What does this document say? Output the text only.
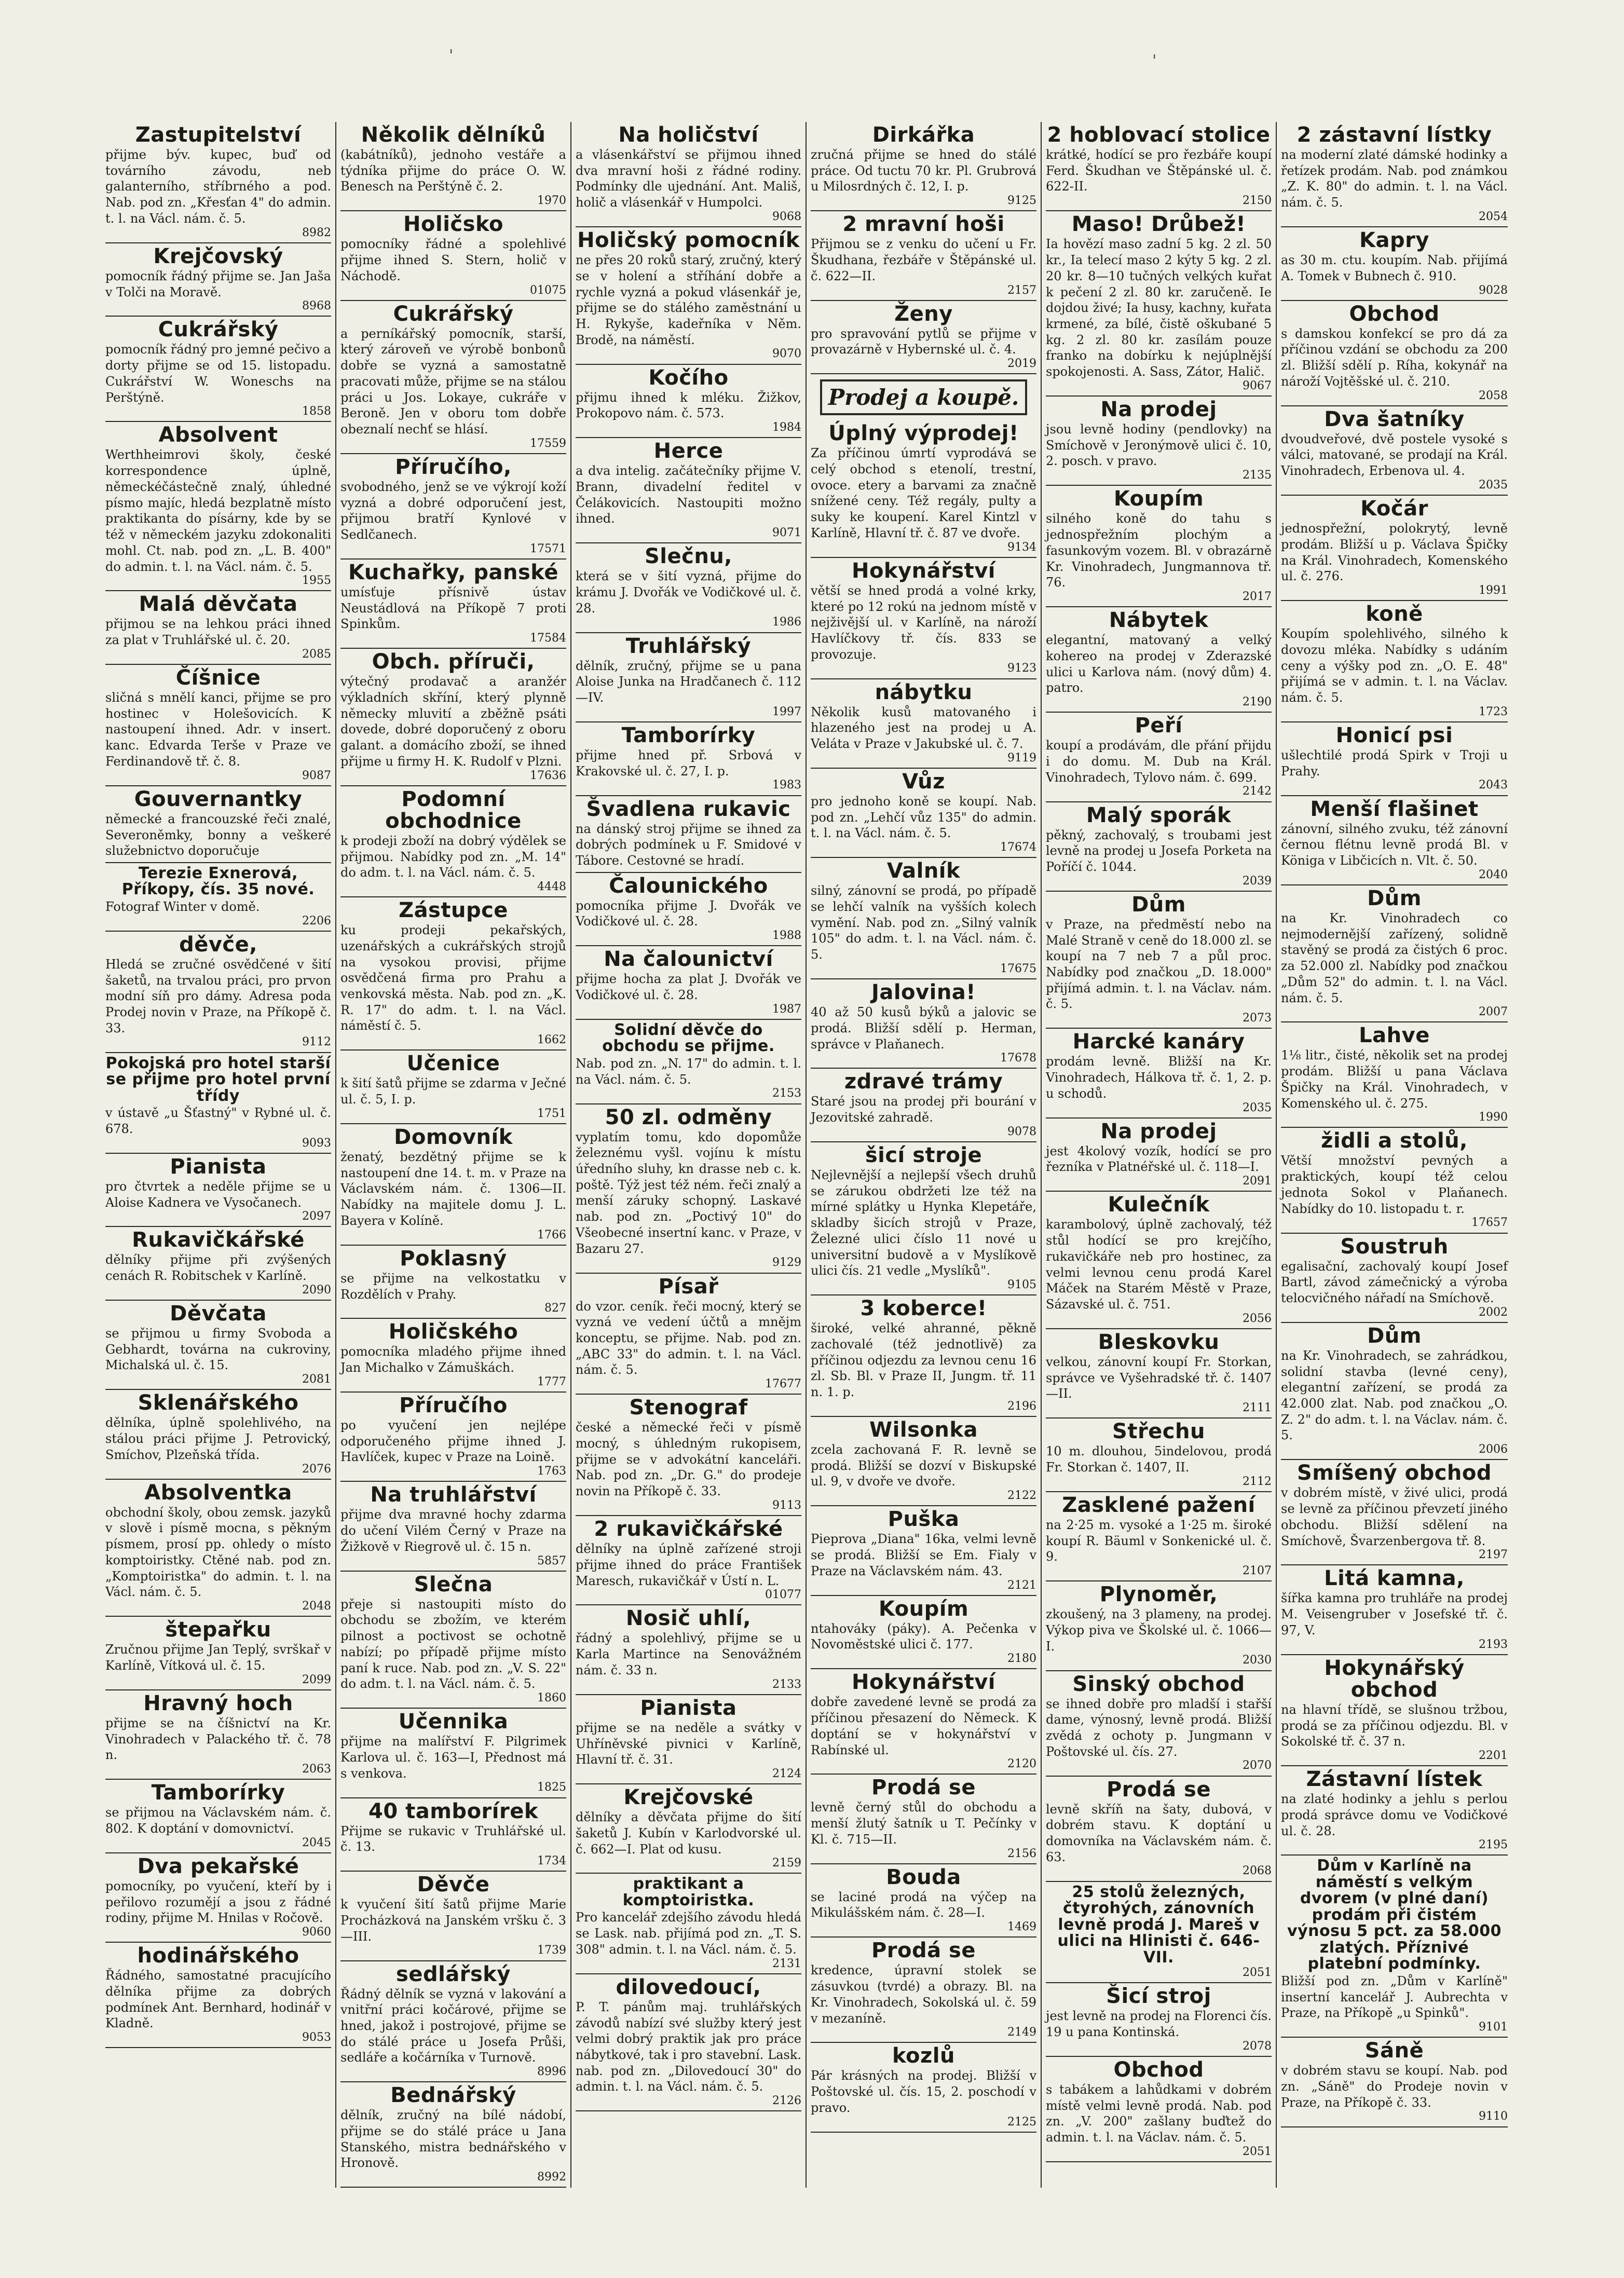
'	'
Zastupitelství

přijme býv. kupec, buď od továrního závodu, neb galanterního, stříbrného a pod. Nab. pod zn. „Křesťan 4" do admin. t. l. na Václ. nám. č. 5.

8982
Krejčovský

pomocník řádný přijme se. Jan Jaša v Tolči na Moravě.

8968
Cukrářský

pomocník řádný pro jemné pečivo a dorty přijme se od 15. listopadu. Cukrářství W. Woneschs na Perštýně.

1858
Absolvent

Werthheimrovi školy, české korrespondence úplně, německéčástečně znalý, úhledné písmo majíc, hledá bezplatně místo praktikanta do písárny, kde by se též v německém jazyku zdokonaliti mohl. Ct. nab. pod zn. „L. B. 400" do admin. t. l. na Václ. nám. č. 5.

1955
Malá děvčata

přijmou se na lehkou práci ihned za plat v Truhlářské ul. č. 20.

2085
Číšnice

sličná s mnělí kanci, přijme se pro hostinec v Holešovicích. K nastoupení ihned. Adr. v insert. kanc. Edvarda Terše v Praze ve Ferdinandově tř. č. 8.

9087
Gouvernantky

německé a francouzské řeči znalé, Severoněmky, bonny a veškeré služebnictvo doporučuje

Terezie Exnerová, Příkopy, čís. 35 nové.

Fotograf Winter v domě.

2206
děvče,

Hledá se zručné osvědčené v šití šaketů, na trvalou práci, pro prvon modní síň pro dámy. Adresa poda Prodej novin v Praze, na Příkopě č. 33.

9112
Pokojská pro hotel starší se přijme pro hotel první třídy

v ústavě „u Šťastný" v Rybné ul. č. 678.

9093
Pianista

pro čtvrtek a neděle přijme se u Aloise Kadnera ve Vysočanech.

2097
Rukavičkářské

dělníky přijme při zvýšených cenách R. Robitschek v Karlíně.

2090
Děvčata

se přijmou u firmy Svoboda a Gebhardt, továrna na cukroviny, Michalská ul. č. 15.

2081
Sklenářského

dělníka, úplně spolehlivého, na stálou práci přijme J. Petrovický, Smíchov, Plzeňská třída.

2076
Absolventka

obchodní školy, obou zemsk. jazyků v slově i písmě mocna, s pěkným písmem, prosí pp. ohledy o místo komptoiristky. Ctěné nab. pod zn. „Komptoiristka" do admin. t. l. na Václ. nám. č. 5.

2048
štepařku

Zručnou přijme Jan Teplý, svrškař v Karlíně, Vítková ul. č. 15.

2099
Hravný hoch

přijme se na číšnictví na Kr. Vinohradech v Palackého tř. č. 78 n.

2063
Tamborírky

se přijmou na Václavském nám. č. 802. K doptání v domovnictví.

2045
Dva pekařské

pomocníky, po vyučení, kteří by i peřilovo rozumějí a jsou z řádné rodiny, přijme M. Hnilas v Ročově.

9060
hodinářského

Řádného, samostatné pracujícího dělníka přijme za dobrých podmínek Ant. Bernhard, hodinář v Kladně.

9053
Několik dělníků

(kabátníků), jednoho vestáře a týdníka přijme do práce O. W. Benesch na Perštýně č. 2.

1970
Holičsko

pomocníky řádné a spolehlivé přijme ihned S. Stern, holič v Náchodě.

01075
Cukrářský

a perníkářský pomocník, starší, který zároveň ve výrobě bonbonů dobře se vyzná a samostatně pracovati může, přijme se na stálou práci u Jos. Lokaye, cukráře v Beroně. Jen v oboru tom dobře obeznalí nechť se hlásí.

17559
Příručího,

svobodného, jenž se ve výkrojí koží vyzná a dobré odporučení jest, přijmou bratří Kynlové v Sedlčanech.

17571
Kuchařky, panské

umísťuje přísnivě ústav Neustádlová na Příkopě 7 proti Spinkům.

17584
Obch. příruči,

výtečný prodavač a aranžér výkladních skříní, který plynně německy mluvití a zběžně psáti dovede, dobré doporučený z oboru galant. a domácího zboží, se ihned přijme u firmy H. K. Rudolf v Plzni.

17636
Podomní obchodnice

k prodeji zboží na dobrý výdělek se přijmou. Nabídky pod zn. „M. 14" do adm. t. l. na Václ. nám. č. 5.

4448
Zástupce

ku prodeji pekařských, uzenářských a cukrářských strojů na vysokou provisi, přijme osvědčená firma pro Prahu a venkovská města. Nab. pod zn. „K. R. 17" do adm. t. l. na Václ. náměstí č. 5.

1662
Učenice

k šití šatů přijme se zdarma v Ječné ul. č. 5, I. p.

1751
Domovník

ženatý, bezdětný přijme se k nastoupení dne 14. t. m. v Praze na Václavském nám. č. 1306—II. Nabídky na majitele domu J. L. Bayera v Kolíně.

1766
Poklasný

se přijme na velkostatku v Rozdělích v Prahy.

827
Holičského

pomocníka mladého přijme ihned Jan Michalko v Zámuškách.

1777
Příručího

po vyučení jen nejlépe odporučeného přijme ihned J. Havlíček, kupec v Praze na Loině.

1763
Na truhlářství

přijme dva mravné hochy zdarma do učení Vilém Černý v Praze na Žižkově v Riegrově ul. č. 15 n.

5857
Slečna

přeje si nastoupiti místo do obchodu se zbožím, ve kterém pilnost a poctivost se ochotně nabízí; po případě přijme místo paní k ruce. Nab. pod zn. „V. S. 22" do adm. t. l. na Václ. nám. č. 5.

1860
Učennika

přijme na malířství F. Pilgrimek Karlova ul. č. 163—I, Přednost má s venkova.

1825
40 tamborírek

Přijme se rukavic v Truhlářské ul. č. 13.

1734
Děvče

k vyučení šití šatů přijme Marie Procházková na Janském vršku č. 3—III.

1739
sedlářský

Řádný dělník se vyzná v lakování a vnitřní práci kočárové, přijme se hned, jakož i postrojové, přijme se do stálé práce u Josefa Průši, sedláře a kočárníka v Turnově.

8996
Bednářský

dělník, zručný na bílé nádobí, přijme se do stálé práce u Jana Stanského, mistra bednářského v Hronově.

8992
Na holičství

a vlásenkářství se přijmou ihned dva mravní hoši z řádné rodiny. Podmínky dle ujednání. Ant. Mališ, holič a vlásenkář v Humpolci.

9068
Holičský pomocník

ne přes 20 roků starý, zručný, který se v holení a stříhání dobře a rychle vyzná a pokud vlásenkář je, přijme se do stálého zaměstnání u H. Rykyše, kadeřníka v Něm. Brodě, na náměstí.

9070
Kočího

přijmu ihned k mléku. Žižkov, Prokopovo nám. č. 573.

1984
Herce

a dva intelig. začátečníky přijme V. Brann, divadelní ředitel v Čelákovicích. Nastoupiti možno ihned.

9071
Slečnu,

která se v šití vyzná, přijme do krámu J. Dvořák ve Vodičkové ul. č. 28.

1986
Truhlářský

dělník, zručný, přijme se u pana Aloise Junka na Hradčanech č. 112—IV.

1997
Tamborírky

přijme hned př. Srbová v Krakovské ul. č. 27, I. p.

1983
Švadlena rukavic

na dánský stroj přijme se ihned za dobrých podmínek u F. Smidové v Tábore. Cestovné se hradí.

Čalounického

pomocníka přijme J. Dvořák ve Vodičkové ul. č. 28.

1988
Na čalounictví

přijme hocha za plat J. Dvořák ve Vodičkové ul. č. 28.

1987
Solidní děvče do obchodu se přijme.

Nab. pod zn. „N. 17" do admin. t. l. na Václ. nám. č. 5.

2153
50 zl. odměny

vyplatím tomu, kdo dopomůže železnému vyšl. vojínu k místu úředního sluhy, kn drasse neb c. k. poště. Týž jest též ném. řeči znalý a menší záruky schopný. Laskavé nab. pod zn. „Poctivý 10" do Všeobecné insertní kanc. v Praze, v Bazaru 27.

9129
Písař

do vzor. ceník. řeči mocný, který se vyzná ve vedení účtů a mnějm konceptu, se přijme. Nab. pod zn. „ABC 33" do admin. t. l. na Václ. nám. č. 5.

17677
Stenograf

české a německé řeči v písmě mocný, s úhledným rukopisem, přijme se v advokátní kanceláři. Nab. pod zn. „Dr. G." do prodeje novin na Příkopě č. 33.

9113
2 rukavičkářské

dělníky na úplně zařízené stroji přijme ihned do práce František Maresch, rukavičkář v Ústí n. L.

01077
Nosič uhlí,

řádný a spolehlivý, přijme se u Karla Martince na Senovážném nám. č. 33 n.

2133
Pianista

přijme se na neděle a svátky v Uhříněvské pivnici v Karlíně, Hlavní tř. č. 31.

2124
Krejčovské

dělníky a děvčata přijme do šití šaketů J. Kubín v Karlodvorské ul. č. 662—I. Plat od kusu.

2159
praktikant a komptoiristka.

Pro kancelář zdejšího závodu hledá se Lask. nab. přijímá pod zn. „T. S. 308" admin. t. l. na Václ. nám. č. 5.

2131
dilovedoucí,

P. T. pánům maj. truhlářských závodů nabízí své služby který jest velmi dobrý praktik jak pro práce nábytkové, tak i pro stavební. Lask. nab. pod zn. „Dilovedoucí 30" do admin. t. l. na Václ. nám. č. 5.

2126
Dirkářka

zručná přijme se hned do stálé práce. Od tuctu 70 kr. Pl. Grubrová u Milosrdných č. 12, I. p.

9125
2 mravní hoši

Přijmou se z venku do učení u Fr. Škudhana, řezbáře v Štěpánské ul. č. 622—II.

2157
Ženy

pro spravování pytlů se přijme v provazárně v Hybernské ul. č. 4.

2019
Prodej a koupě.
Úplný výprodej!

Za příčinou úmrtí vyprodává se celý obchod s etenolí, trestní, ovoce. etery a barvami za značně snížené ceny. Též regály, pulty a suky ke koupení. Karel Kintzl v Karlíně, Hlavní tř. č. 87 ve dvoře.

9134
Hokynářství

větší se hned prodá a volné krky, které po 12 rokú na jednom místě v nejživější ul. v Karlíně, na nároží Havlíčkovy tř. čís. 833 se provozuje.

9123
nábytku

Několik kusů matovaného i hlazeného jest na prodej u A. Veláta v Praze v Jakubské ul. č. 7.

9119
Vůz

pro jednoho koně se koupí. Nab. pod zn. „Lehčí vůz 135" do admin. t. l. na Václ. nám. č. 5.

17674
Valník

silný, zánovní se prodá, po případě se lehčí valník na vyšších kolech vymění. Nab. pod zn. „Silný valník 105" do adm. t. l. na Václ. nám. č. 5.

17675
Jalovina!

40 až 50 kusů býků a jalovic se prodá. Bližší sdělí p. Herman, správce v Plaňanech.

17678
zdravé trámy

Staré jsou na prodej při bourání v Jezovitské zahradě.

9078
šicí stroje

Nejlevnější a nejlepší všech druhů se zárukou obdržeti lze též na mírné splátky u Hynka Klepetáře, skladby šicích strojů v Praze, Železné ulici číslo 11 nové u universitní budově a v Myslíkově ulici čís. 21 vedle „Myslíků".

9105
3 koberce!

široké, velké ahranné, pěkně zachovalé (též jednotlivě) za příčinou odjezdu za levnou cenu 16 zl. Sb. Bl. v Praze II, Jungm. tř. 11 n. 1. p.

2196
Wilsonka

zcela zachovaná F. R. levně se prodá. Bližší se dozví v Biskupské ul. 9, v dvoře ve dvoře.

2122
Puška

Pieprova „Diana" 16ka, velmi levně se prodá. Bližší se Em. Fialy v Praze na Václavském nám. 43.

2121
Koupím

ntahovákу (páky). A. Pečenka v Novoměstské ulici č. 177.

2180
Hokynářství

dobře zavedené levně se prodá za příčinou přesazení do Německ. K doptání se v hokynářství v Rabínské ul.

2120
Prodá se

levně černý stůl do obchodu a menší žlutý šatník u T. Pečínky v Kl. č. 715—II.

2156
Bouda

se laciné prodá na výčep na Mikulášském nám. č. 28—I.

1469
Prodá se

kredence, úpravní stolek se zásuvkou (tvrdé) a obrazy. Bl. na Kr. Vinohradech, Sokolská ul. č. 59 v mezaníně.

2149
kozlů

Pár krásných na prodej. Bližší v Poštovské ul. čís. 15, 2. poschodí v pravo.

2125
2 hoblovací stolice

krátké, hodící se pro řezbáře koupí Ferd. Škudhan ve Štěpánské ul. č. 622-II.

2150
Maso! Drůbež!

Ia hovězí maso zadní 5 kg. 2 zl. 50 kr., Ia telecí maso 2 kýty 5 kg. 2 zl. 20 kr. 8—10 tučných velkých kuřat k pečení 2 zl. 80 kr. zaručeně. Ie dojdou živé; Ia husy, kachny, kuřata krmené, za bílé, čistě oškubané 5 kg. 2 zl. 80 kr. zasílám pouze franko na dobírku k nejúplnější spokojenosti. A. Sass, Zátor, Halič.

9067
Na prodej

jsou levně hodiny (pendlovky) na Smíchově v Jeronýmově ulici č. 10, 2. posch. v pravo.

2135
Koupím

silného koně do tahu s jednospřežním plochým a fasunkovým vozem. Bl. v obrazárně Kr. Vinohradech, Jungmannova tř. 76.

2017
Nábytek

elegantní, matovaný a velký kohereo na prodej v Zderazské ulici u Karlova nám. (nový dům) 4. patro.

2190
Peří

koupí a prodávám, dle přání přijdu i do domu. M. Dub na Král. Vinohradech, Tylovo nám. č. 699.

2142
Malý sporák

pěkný, zachovalý, s troubami jest levně na prodej u Josefa Porketa na Poříčí č. 1044.

2039
Dům

v Praze, na předměstí nebo na Malé Straně v ceně do 18.000 zl. se koupí na 7 neb 7 a půl proc. Nabídky pod značkou „D. 18.000" přijímá admin. t. l. na Václav. nám. č. 5.

2073
Harcké kanáry

prodám levně. Bližší na Kr. Vinohradech, Hálkova tř. č. 1, 2. p. u schodů.

2035
Na prodej

jest 4kolový vozík, hodící se pro řezníka v Platnéřské ul. č. 118—I.

2091
Kulečník

karambolový, úplně zachovalý, též stůl hodící se pro krejčího, rukavičkáře neb pro hostinec, za velmi levnou cenu prodá Karel Máček na Starém Městě v Praze, Sázavské ul. č. 751.

2056
Bleskovku

velkou, zánovní koupí Fr. Storkan, správce ve Vyšehradské tř. č. 1407—II.

2111
Střechu

10 m. dlouhou, 5indelovou, prodá Fr. Storkan č. 1407, II.

2112
Zasklené pažení

na 2·25 m. vysoké a 1·25 m. široké koupí R. Bäuml v Sonkenické ul. č. 9.

2107
Plynoměr,

zkoušený, na 3 plameny, na prodej. Výkop piva ve Školské ul. č. 1066—I.

2030
Sinský obchod

se ihned dobře pro mladší i stařší dame, výnosný, levně prodá. Bližší zvědá z ochoty p. Jungmann v Poštovské ul. čís. 27.

2070
Prodá se

levně skříň na šaty, dubová, v dobrém stavu. K doptání u domovníka na Václavském nám. č. 63.

2068
25 stolů železných, čtyrohých, zánovních levně prodá J. Mareš v ulici na Hlinisti č. 646-VII.
2051
Šicí stroj

jest levně na prodej na Florenci čís. 19 u pana Kontinská.

2078
Obchod

s tabákem a lahůdkami v dobrém místě velmi levně prodá. Nab. pod zn. „V. 200" zašlany buďtež do admin. t. l. na Václav. nám. č. 5.

2051
2 zástavní lístky

na moderní zlaté dámské hodinky a řetízek prodám. Nab. pod známkou „Z. K. 80" do admin. t. l. na Václ. nám. č. 5.

2054
Kapry

as 30 m. ctu. koupím. Nab. přijímá A. Tomek v Bubnech č. 910.

9028
Obchod

s damskou konfekcí se pro dá za příčinou vzdání se obchodu za 200 zl. Bližší sdělí p. Ríha, kokynář na nároží Vojtěšské ul. č. 210.

2058
Dva šatníky

dvoudveřové, dvě postele vysoké s válci, matované, se prodají na Král. Vinohradech, Erbenova ul. 4.

2035
Kočár

jednospřežní, polokrytý, levně prodám. Bližší u p. Václava Špičky na Král. Vinohradech, Komenského ul. č. 276.

1991
koně

Koupím spolehlivého, silného k dovozu mléka. Nabídky s udáním ceny a výšky pod zn. „O. E. 48" přijímá se v admin. t. l. na Václav. nám. č. 5.

1723
Honicí psi

ušlechtilé prodá Spirk v Troji u Prahy.

2043
Menší flašinet

zánovní, silného zvuku, též zánovní černou flétnu levně prodá Bl. v Königa v Libčicích n. Vlt. č. 50.

2040
Dům

na Kr. Vinohradech co nejmodernější zařízený, solidně stavěný se prodá za čistých 6 proc. za 52.000 zl. Nabídky pod značkou „Dům 52" do admin. t. l. na Václ. nám. č. 5.

2007
Lahve

1⅛ litr., čisté, několik set na prodej prodám. Bližší u pana Václava Špičky na Král. Vinohradech, v Komenského ul. č. 275.

1990
židli a stolů,

Větší množství pevných a praktických, koupí též celou jednota Sokol v Plaňanech. Nabídky do 10. listopadu t. r.

17657
Soustruh

egalisační, zachovalý koupí Josef Bartl, závod zámečnický a výroba telocvičného nářadí na Smíchově.

2002
Dům

na Kr. Vinohradech, se zahrádkou, solidní stavba (levné ceny), elegantní zařízení, se prodá za 42.000 zlat. Nab. pod značkou „O. Z. 2" do adm. t. l. na Václav. nám. č. 5.

2006
Smíšený obchod

v dobrém místě, v živé ulici, prodá se levně za příčinou převzetí jiného obchodu. Bližší sdělení na Smíchově, Švarzenbergova tř. 8.

2197
Litá kamna,

šířka kamna pro truhláře na prodej M. Veisengruber v Josefské tř. č. 97, V.

2193
Hokynářský obchod

na hlavní třídě, se slušnou tržbou, prodá se za příčinou odjezdu. Bl. v Sokolské tř. č. 37 n.

2201
Zástavní lístek

na zlaté hodinky a jehlu s perlou prodá správce domu ve Vodičkové ul. č. 28.

2195
Dům v Karlíně na náměstí s velkým dvorem (v plné daní) prodám při čistém výnosu 5 pct. za 58.000 zlatých. Příznivé platební podmínky.

Bližší pod zn. „Dům v Karlíně" insertní kancelář J. Aubrechta v Praze, na Příkopě „u Spinků".

9101
Sáně

v dobrém stavu se koupí. Nab. pod zn. „Sáně" do Prodeje novin v Praze, na Příkopě č. 33.

9110
